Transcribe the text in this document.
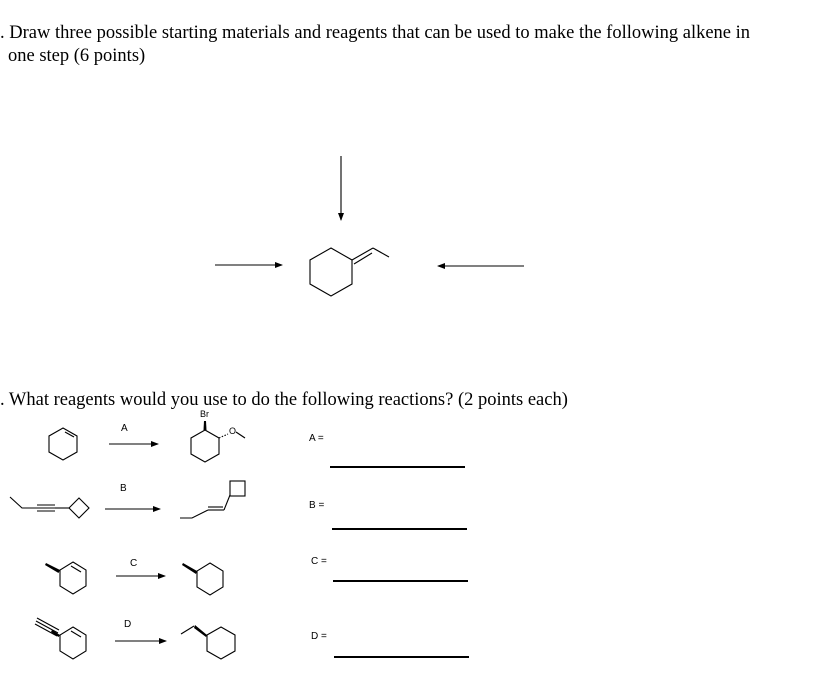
. Draw three possible starting materials and reagents that can be used to make the following alkene in
one step (6 points)
. What reagents would you use to do the following reactions? (2 points each)
A
B
C
D
A =
B =
C =
D =
Br
O
